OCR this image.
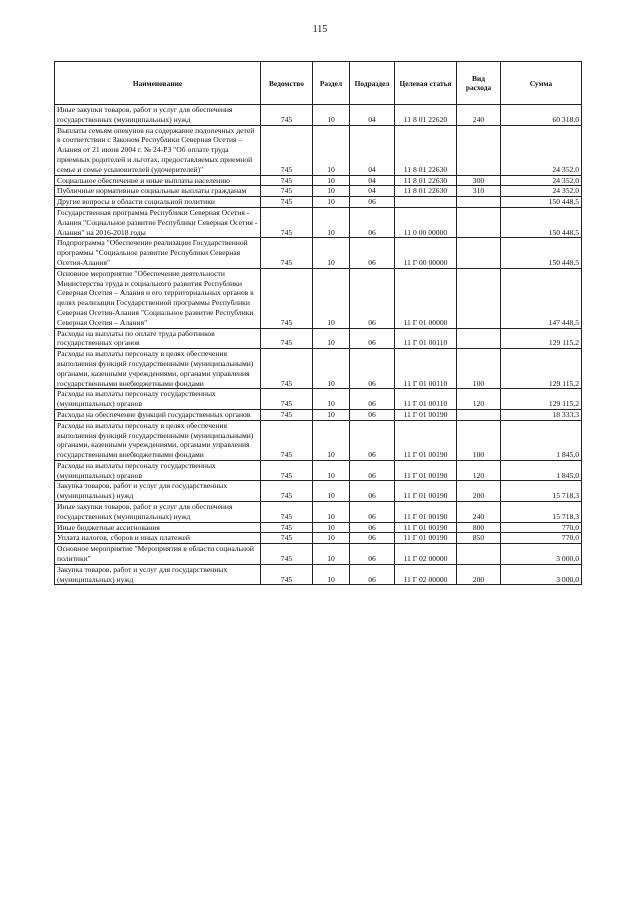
115
Наименование	Ведомство	Раздел	Подраздел	Целевая статья	Вид расхода	Сумма
Иные закупки товаров, работ и услуг для обеспечения государственных (муниципальных) нужд	745	10	04	11 8 01 22620	240	60 318,0
Выплаты семьям опекунов на содержание подопечных детей в соответствии с Законом Республики Северная Осетия – Алания от 21 июня 2004 г. № 24-РЗ "Об оплате труда приемных родителей и льготах, предоставляемых приемной семье и семье усыновителей (удочерителей)"	745	10	04	11 8 01 22630		24 352,0
Социальное обеспечение и иные выплаты населению	745	10	04	11 8 01 22630	300	24 352,0
Публичные нормативные социальные выплаты гражданам	745	10	04	11 8 01 22630	310	24 352,0
Другие вопросы в области социальной политики	745	10	06			150 448,5
Государственная программа Республики Северная Осетия - Алания "Социальное развитие Республики Северная Осетия - Алания" на 2016-2018 годы	745	10	06	11 0 00 00000		150 448,5
Подпрограмма "Обеспечение реализации Государственной программы "Социальное развитие Республики Северная Осетия-Алания"	745	10	06	11 Г 00 00000		150 448,5
Основное мероприятие "Обеспечение деятельности Министерства труда и социального развития Республики Северная Осетия – Алания и его территориальных органов в целях реализации Государственной программы Республики Северная Осетия-Алания "Социальное развитие Республики Северная Осетия – Алания"	745	10	06	11 Г 01 00000		147 448,5
Расходы на выплаты по оплате труда работников государственных органов	745	10	06	11 Г 01 00110		129 115,2
Расходы на выплаты персоналу в целях обеспечения выполнения функций государственными (муниципальными) органами, казенными учреждениями, органами управления государственными внебюджетными фондами	745	10	06	11 Г 01 00110	100	129 115,2
Расходы на выплаты персоналу государственных (муниципальных) органов	745	10	06	11 Г 01 00110	120	129 115,2
Расходы на обеспечение функций государственных органов	745	10	06	11 Г 01 00190		18 333,3
Расходы на выплаты персоналу в целях обеспечения выполнения функций государственными (муниципальными) органами, казенными учреждениями, органами управления государственными внебюджетными фондами	745	10	06	11 Г 01 00190	100	1 845,0
Расходы на выплаты персоналу государственных (муниципальных) органов	745	10	06	11 Г 01 00190	120	1 845,0
Закупка товаров, работ и услуг для государственных (муниципальных) нужд	745	10	06	11 Г 01 00190	200	15 718,3
Иные закупки товаров, работ и услуг для обеспечения государственных (муниципальных) нужд	745	10	06	11 Г 01 00190	240	15 718,3
Иные бюджетные ассигнования	745	10	06	11 Г 01 00190	800	770,0
Уплата налогов, сборов и иных платежей	745	10	06	11 Г 01 00190	850	770,0
Основное мероприятие "Мероприятия в области социальной политики"	745	10	06	11 Г 02 00000		3 000,0
Закупка товаров, работ и услуг для государственных (муниципальных) нужд	745	10	06	11 Г 02 00000	200	3 000,0
